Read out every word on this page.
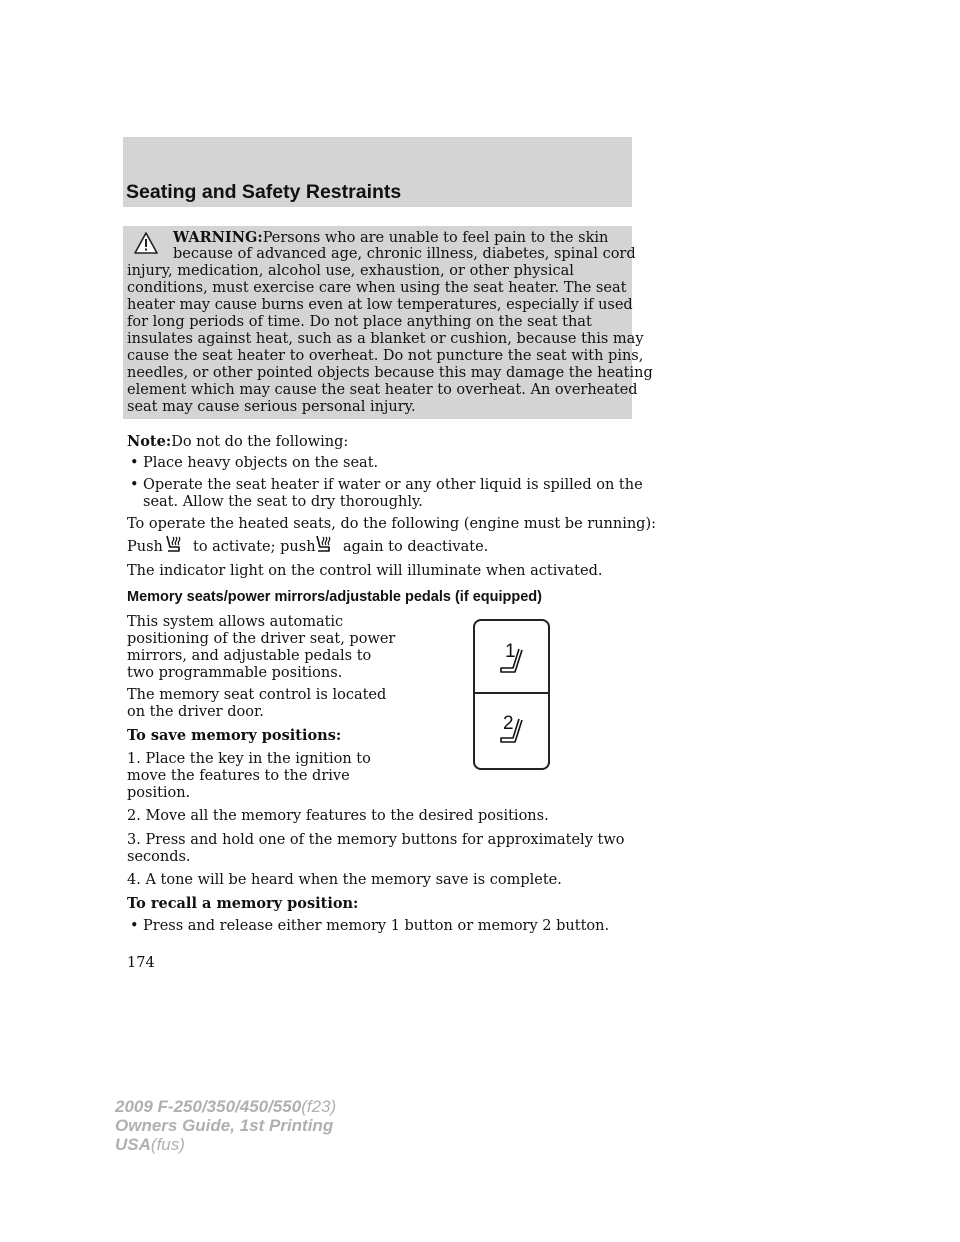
Seating and Safety Restraints
WARNING:Persons who are unable to feel pain to the skin
because of advanced age, chronic illness, diabetes, spinal cord
injury, medication, alcohol use, exhaustion, or other physical
conditions, must exercise care when using the seat heater. The seat
heater may cause burns even at low temperatures, especially if used
for long periods of time. Do not place anything on the seat that
insulates against heat, such as a blanket or cushion, because this may
cause the seat heater to overheat. Do not puncture the seat with pins,
needles, or other pointed objects because this may damage the heating
element which may cause the seat heater to overheat. An overheated
seat may cause serious personal injury.
Note:Do not do the following:
• Place heavy objects on the seat.
• Operate the seat heater if water or any other liquid is spilled on the
seat. Allow the seat to dry thoroughly.
To operate the heated seats, do the following (engine must be running):
Push to activate; push again to deactivate.
The indicator light on the control will illuminate when activated.
Memory seats/power mirrors/adjustable pedals (if equipped)
This system allows automatic
positioning of the driver seat, power
mirrors, and adjustable pedals to
two programmable positions.
The memory seat control is located
on the driver door.
To save memory positions:
1. Place the key in the ignition to
move the features to the drive
position.
2. Move all the memory features to the desired positions.
3. Press and hold one of the memory buttons for approximately two
seconds.
4. A tone will be heard when the memory save is complete.
To recall a memory position:
• Press and release either memory 1 button or memory 2 button.
1
2
174
2009 F-250/350/450/550(f23)
Owners Guide, 1st Printing
USA(fus)
